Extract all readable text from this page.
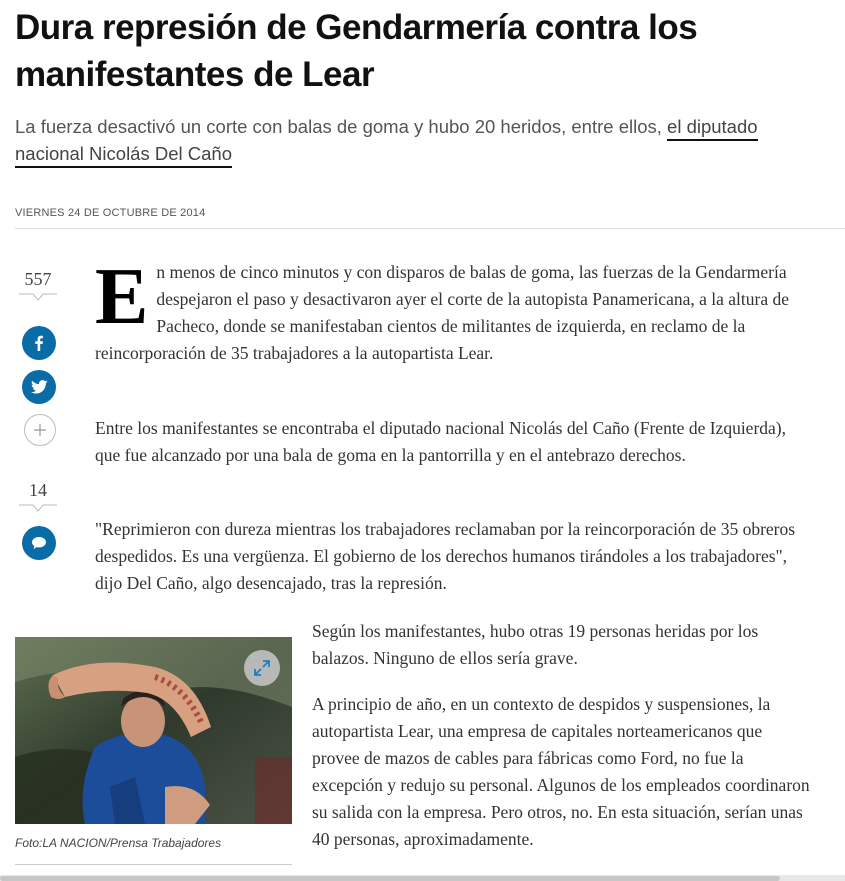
Dura represión de Gendarmería contra los manifestantes de Lear

La fuerza desactivó un corte con balas de goma y hubo 20 heridos, entre ellos, el diputado nacional Nicolás Del Caño

VIERNES 24 DE OCTUBRE DE 2014
557
14
En menos de cinco minutos y con disparos de balas de goma, las fuerzas de la Gendarmería despejaron el paso y desactivaron ayer el corte de la autopista Panamericana, a la altura de Pacheco, donde se manifestaban cientos de militantes de izquierda, en reclamo de la reincorporación de 35 trabajadores a la autopartista Lear.

Entre los manifestantes se encontraba el diputado nacional Nicolás del Caño (Frente de Izquierda), que fue alcanzado por una bala de goma en la pantorrilla y en el antebrazo derechos.

"Reprimieron con dureza mientras los trabajadores reclamaban por la reincorporación de 35 obreros despedidos. Es una vergüenza. El gobierno de los derechos humanos tirándoles a los trabajadores", dijo Del Caño, algo desencajado, tras la represión.

Foto:LA NACION/Prensa Trabajadores

Según los manifestantes, hubo otras 19 personas heridas por los balazos. Ninguno de ellos sería grave.

A principio de año, en un contexto de despidos y suspensiones, la autopartista Lear, una empresa de capitales norteamericanos que provee de mazos de cables para fábricas como Ford, no fue la excepción y redujo su personal. Algunos de los empleados coordinaron su salida con la empresa. Pero otros, no. En esta situación, serían unas 40 personas, aproximadamente.
